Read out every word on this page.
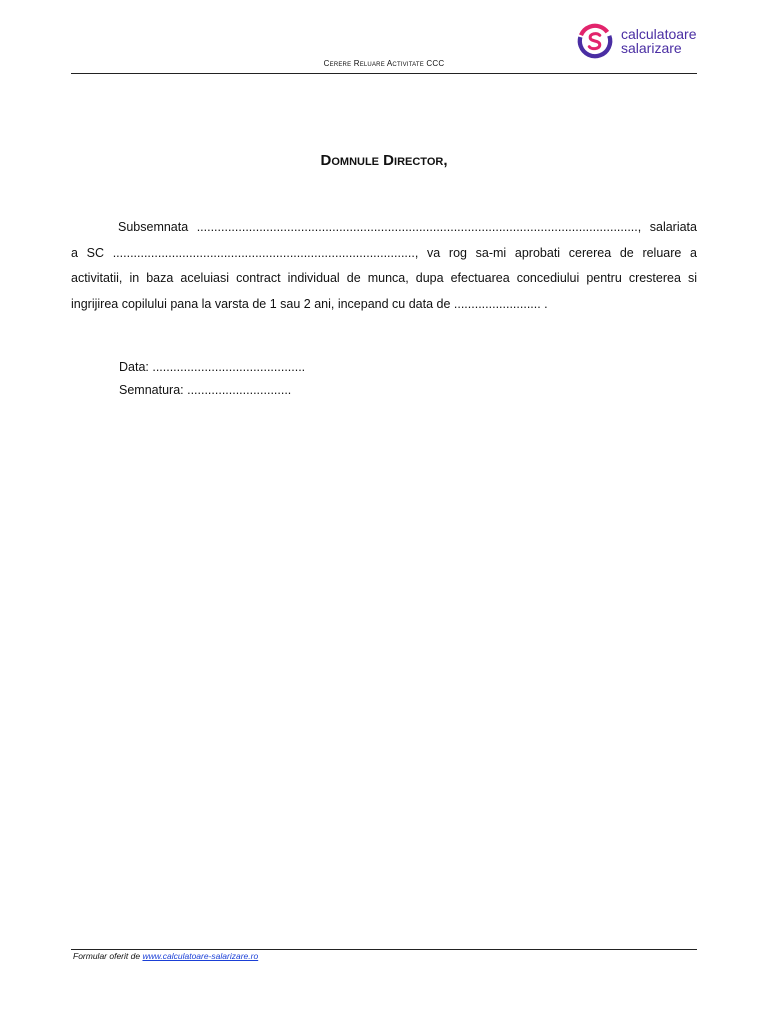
calculatoare
salarizare
Cerere Reluare Activitate CCC
Domnule Director,

Subsemnata ..............................................................................................................................., salariata a SC ......................................................................................., va rog sa-mi aprobati cererea de reluare a activitatii, in baza aceluiasi contract individual de munca, dupa efectuarea concediului pentru cresterea si ingrijirea copilului pana la varsta de 1 sau 2 ani, incepand cu data de ......................... .

Data: ............................................
Semnatura: ..............................
Formular oferit de www.calculatoare-salarizare.ro
